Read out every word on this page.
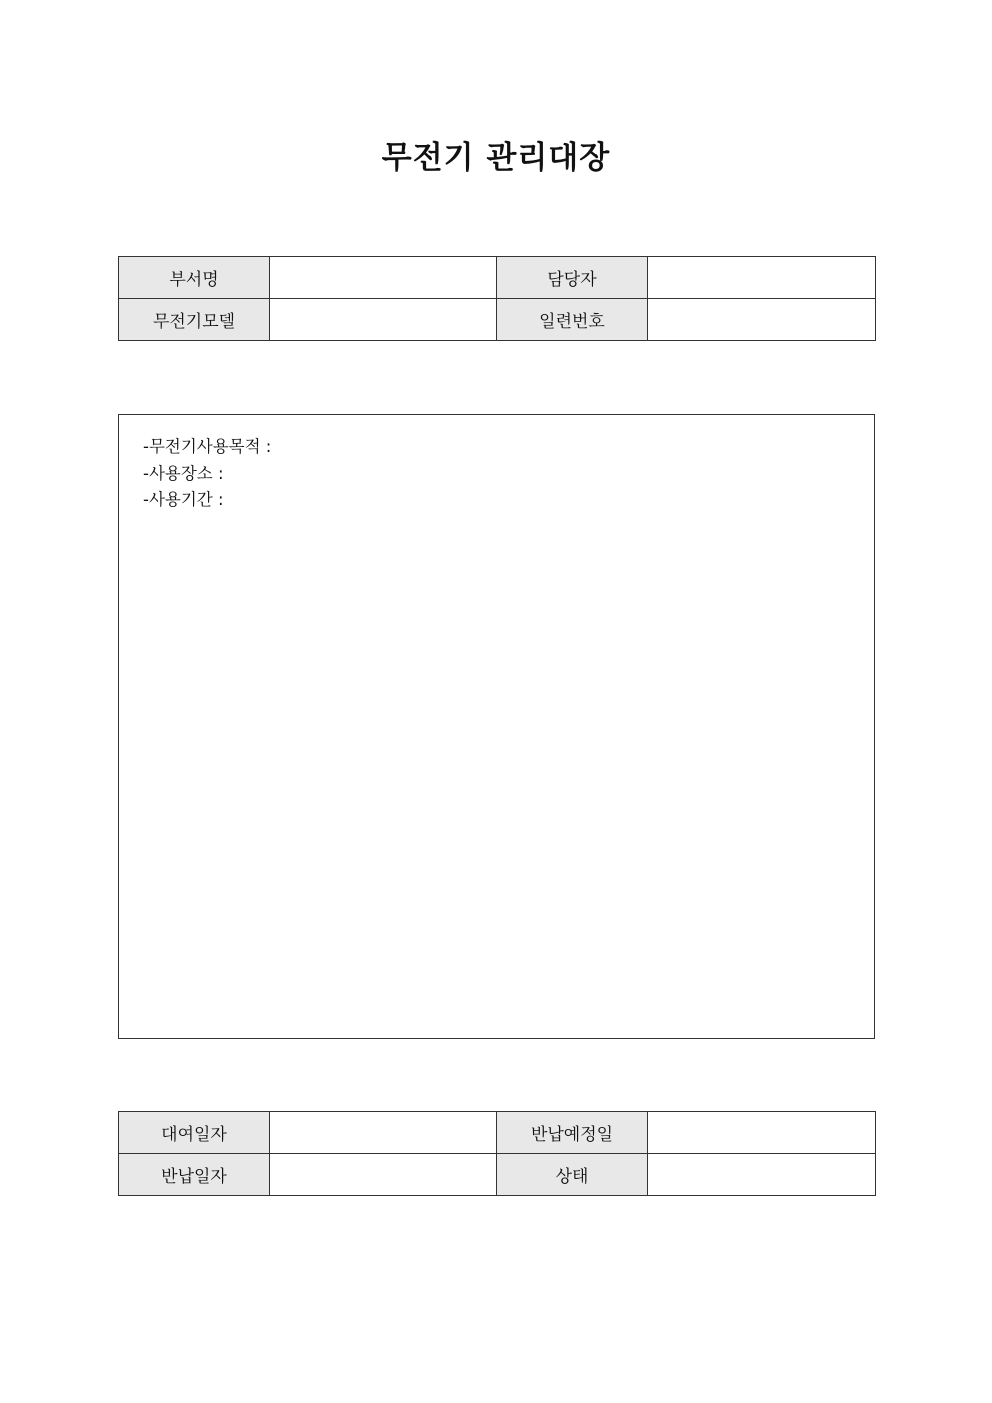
무전기 관리대장
부서명		담당자	
무전기모델		일련번호	
-무전기사용목적 :
-사용장소 :
-사용기간 :
대여일자		반납예정일	
반납일자		상태	
